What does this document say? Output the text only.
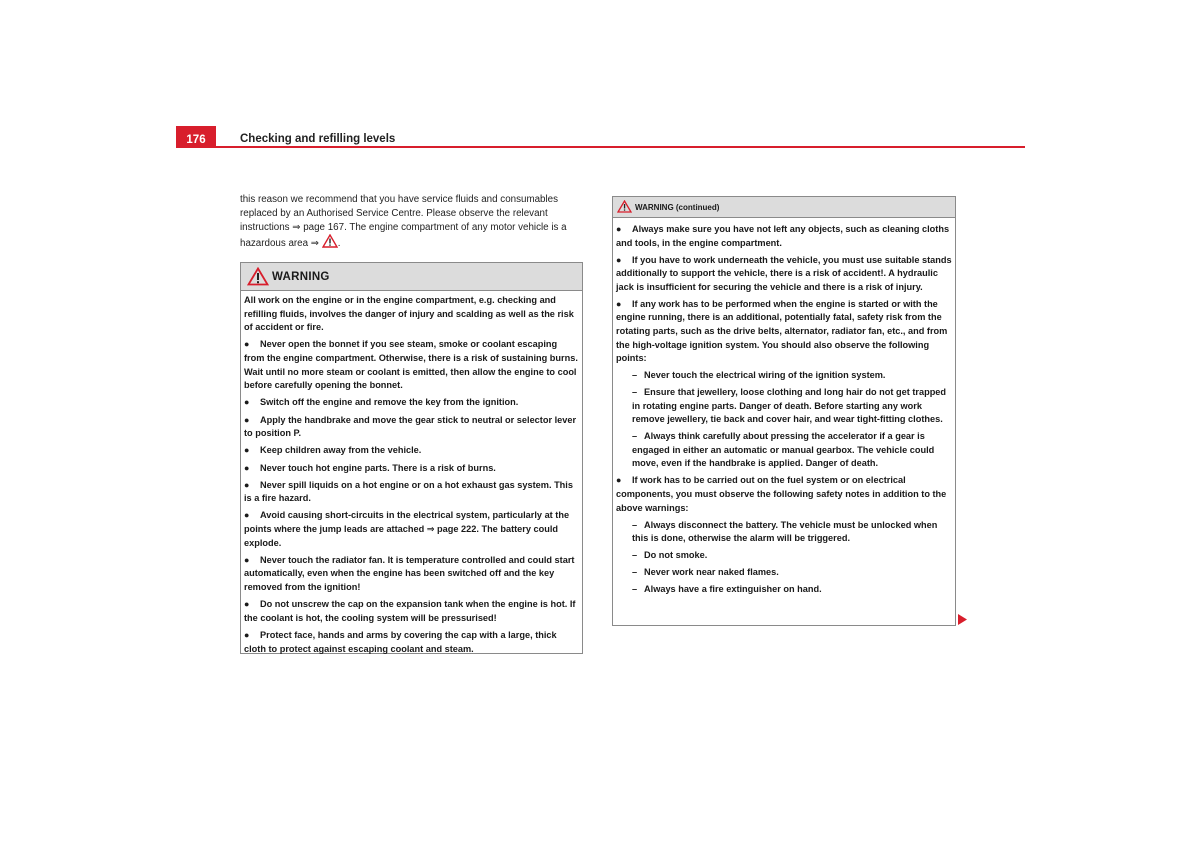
176	Checking and refilling levels
this reason we recommend that you have service fluids and consumables replaced by an Authorised Service Centre. Please observe the relevant instructions ⇒ page 167. The engine compartment of any motor vehicle is a hazardous area ⇒ .
WARNING

All work on the engine or in the engine compartment, e.g. checking and refilling fluids, involves the danger of injury and scalding as well as the risk of accident or fire.

● Never open the bonnet if you see steam, smoke or coolant escaping from the engine compartment. Otherwise, there is a risk of sustaining burns. Wait until no more steam or coolant is emitted, then allow the engine to cool before carefully opening the bonnet.

● Switch off the engine and remove the key from the ignition.

● Apply the handbrake and move the gear stick to neutral or selector lever to position P.

● Keep children away from the vehicle.

● Never touch hot engine parts. There is a risk of burns.

● Never spill liquids on a hot engine or on a hot exhaust gas system. This is a fire hazard.

● Avoid causing short-circuits in the electrical system, particularly at the points where the jump leads are attached ⇒ page 222. The battery could explode.

● Never touch the radiator fan. It is temperature controlled and could start automatically, even when the engine has been switched off and the key removed from the ignition!

● Do not unscrew the cap on the expansion tank when the engine is hot. If the coolant is hot, the cooling system will be pressurised!

● Protect face, hands and arms by covering the cap with a large, thick cloth to protect against escaping coolant and steam.

WARNING (continued)

● Always make sure you have not left any objects, such as cleaning cloths and tools, in the engine compartment.

● If you have to work underneath the vehicle, you must use suitable stands additionally to support the vehicle, there is a risk of accident!. A hydraulic jack is insufficient for securing the vehicle and there is a risk of injury.

● If any work has to be performed when the engine is started or with the engine running, there is an additional, potentially fatal, safety risk from the rotating parts, such as the drive belts, alternator, radiator fan, etc., and from the high-voltage ignition system. You should also observe the following points:

– Never touch the electrical wiring of the ignition system.

– Ensure that jewellery, loose clothing and long hair do not get trapped in rotating engine parts. Danger of death. Before starting any work remove jewellery, tie back and cover hair, and wear tight-fitting clothes.

– Always think carefully about pressing the accelerator if a gear is engaged in either an automatic or manual gearbox. The vehicle could move, even if the handbrake is applied. Danger of death.

● If work has to be carried out on the fuel system or on electrical components, you must observe the following safety notes in addition to the above warnings:

– Always disconnect the battery. The vehicle must be unlocked when this is done, otherwise the alarm will be triggered.

– Do not smoke.

– Never work near naked flames.

– Always have a fire extinguisher on hand.
